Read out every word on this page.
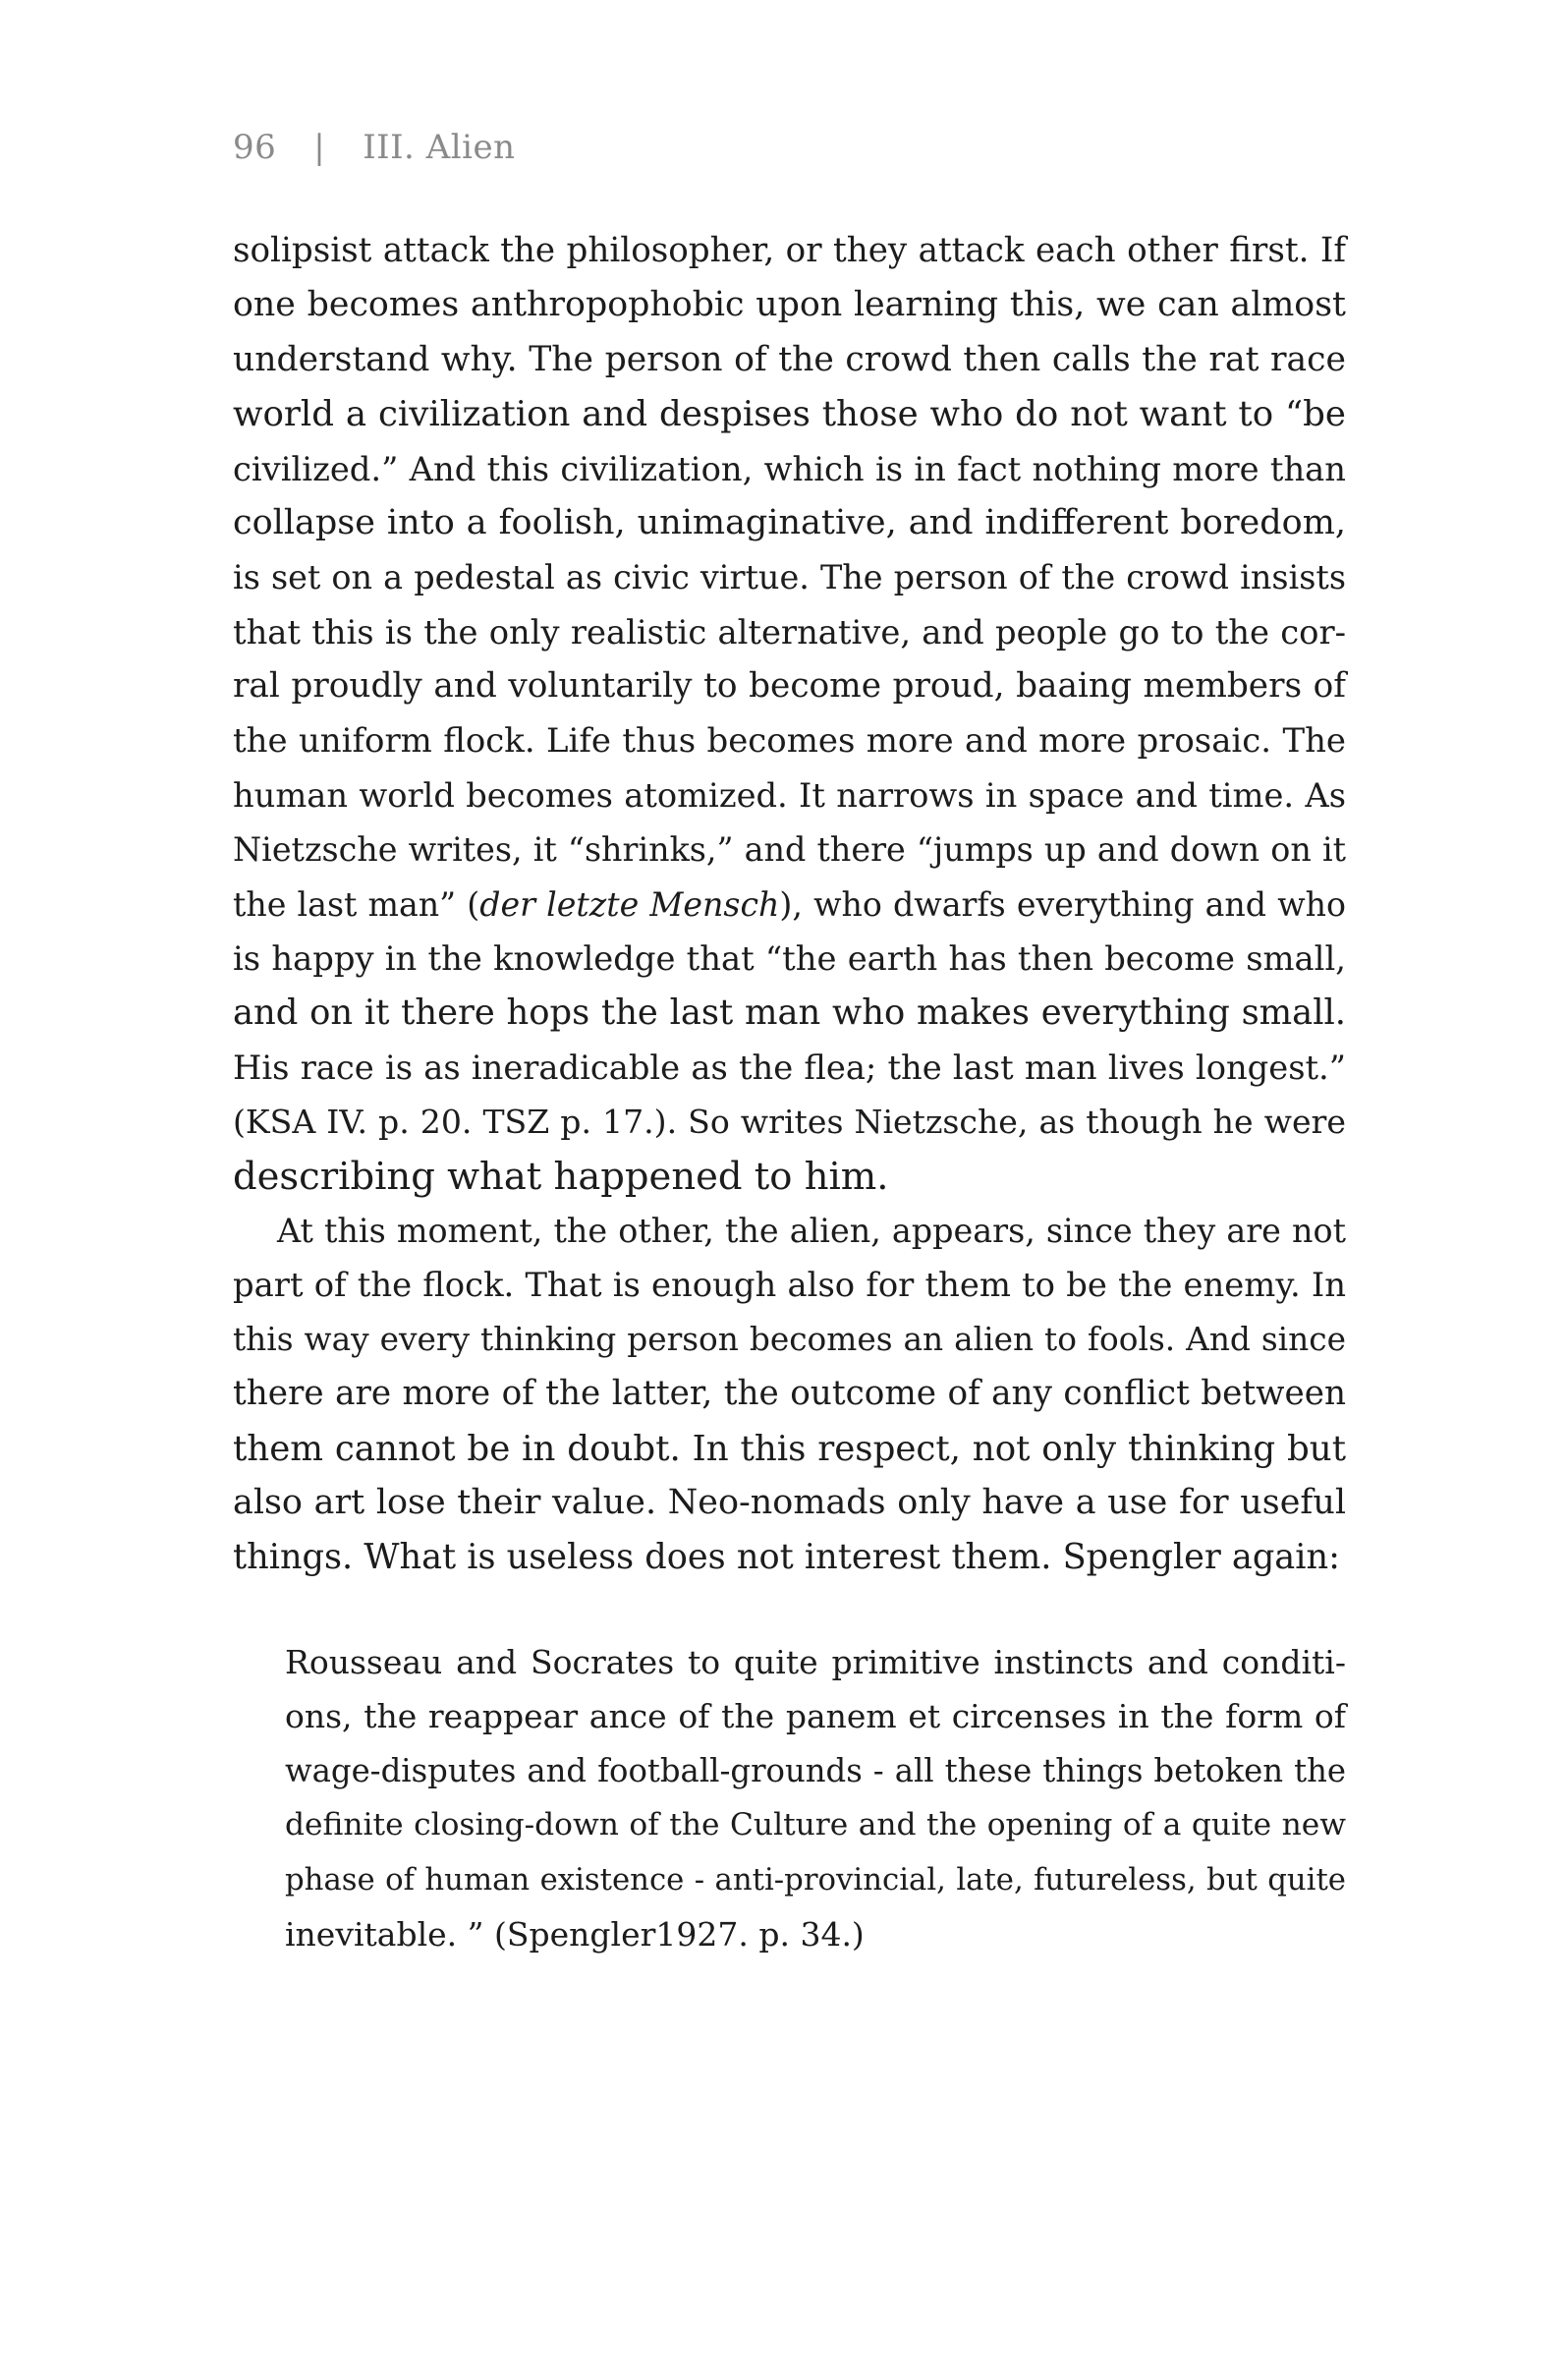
96 | III. Alien
solipsist attack the philosopher, or they attack each other first. If
one becomes anthropophobic upon learning this, we can almost
understand why. The person of the crowd then calls the rat race
world a civilization and despises those who do not want to “be
civilized.” And this civilization, which is in fact nothing more than
collapse into a foolish, unimaginative, and indifferent boredom,
is set on a pedestal as civic virtue. The person of the crowd insists
that this is the only realistic alternative, and people go to the cor-
ral proudly and voluntarily to become proud, baaing members of
the uniform flock. Life thus becomes more and more prosaic. The
human world becomes atomized. It narrows in space and time. As
Nietzsche writes, it “shrinks,” and there “jumps up and down on it
the last man” (der letzte Mensch), who dwarfs everything and who
is happy in the knowledge that “the earth has then become small,
and on it there hops the last man who makes everything small.
His race is as ineradicable as the flea; the last man lives longest.”
(KSA IV. p. 20. TSZ p. 17.). So writes Nietzsche, as though he were
describing what happened to him.
At this moment, the other, the alien, appears, since they are not
part of the flock. That is enough also for them to be the enemy. In
this way every thinking person becomes an alien to fools. And since
there are more of the latter, the outcome of any conflict between
them cannot be in doubt. In this respect, not only thinking but
also art lose their value. Neo-nomads only have a use for useful
things. What is useless does not interest them. Spengler again:
Rousseau and Socrates to quite primitive instincts and conditi-
ons, the reappear ance of the panem et circenses in the form of
wage-disputes and football-grounds - all these things betoken the
definite closing-down of the Culture and the opening of a quite new
phase of human existence - anti-provincial, late, futureless, but quite
inevitable. ” (Spengler1927. p. 34.)
